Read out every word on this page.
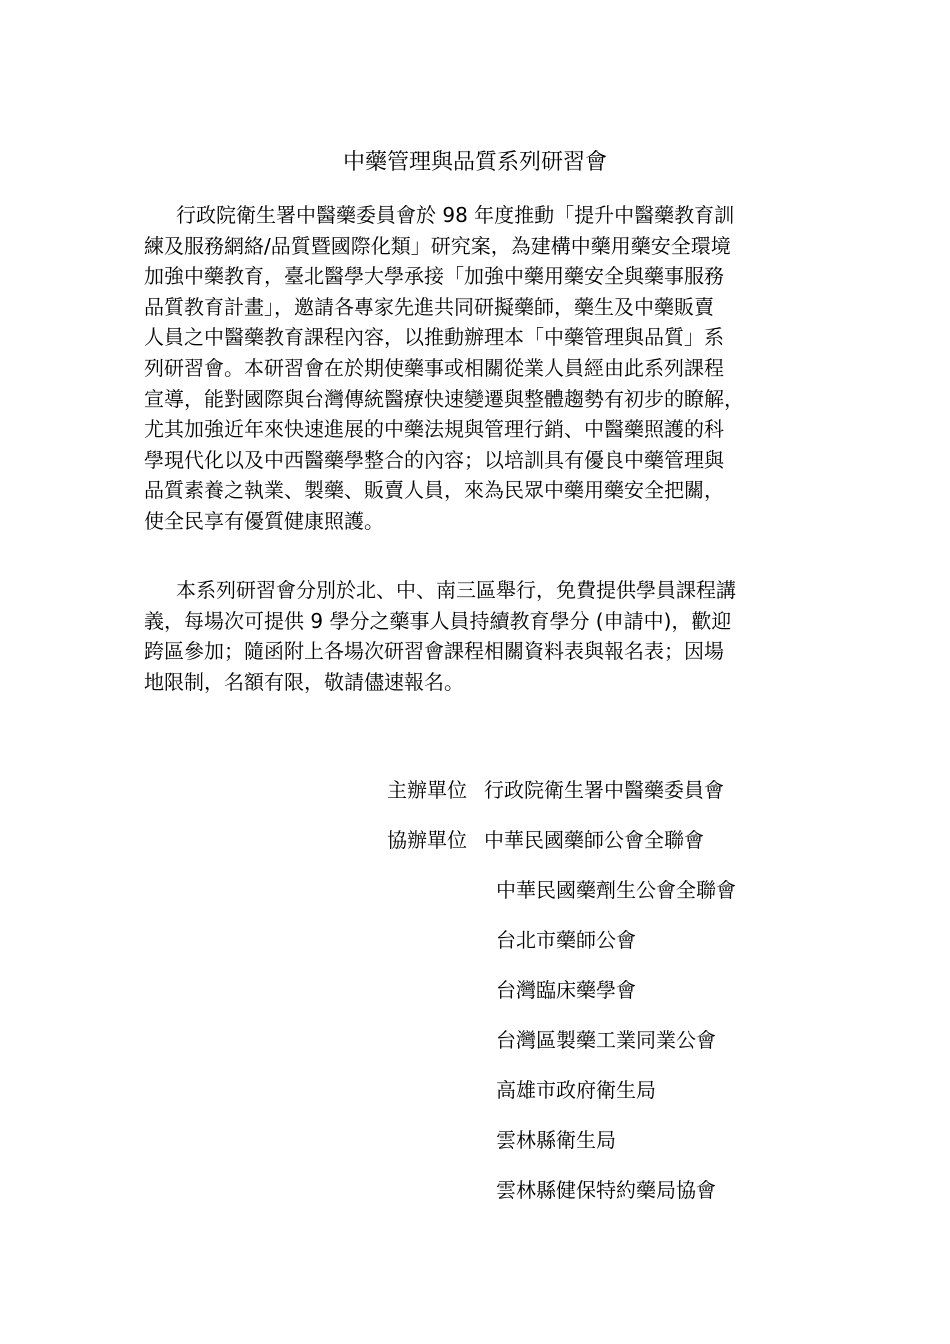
中藥管理與品質系列研習會

行政院衛生署中醫藥委員會於 98 年度推動「提升中醫藥教育訓
練及服務網絡/品質暨國際化類」研究案，為建構中藥用藥安全環境
加強中藥教育，臺北醫學大學承接「加強中藥用藥安全與藥事服務
品質教育計畫」，邀請各專家先進共同研擬藥師，藥生及中藥販賣
人員之中醫藥教育課程內容，以推動辦理本「中藥管理與品質」系
列研習會。本研習會在於期使藥事或相關從業人員經由此系列課程
宣導，能對國際與台灣傳統醫療快速變遷與整體趨勢有初步的瞭解，
尤其加強近年來快速進展的中藥法規與管理行銷、中醫藥照護的科
學現代化以及中西醫藥學整合的內容；以培訓具有優良中藥管理與
品質素養之執業、製藥、販賣人員，來為民眾中藥用藥安全把關，
使全民享有優質健康照護。

本系列研習會分別於北、中、南三區舉行，免費提供學員課程講
義，每場次可提供 9 學分之藥事人員持續教育學分 (申請中)，歡迎
跨區參加；隨函附上各場次研習會課程相關資料表與報名表；因場
地限制，名額有限，敬請儘速報名。

主辦單位 行政院衛生署中醫藥委員會
協辦單位 中華民國藥師公會全聯會
中華民國藥劑生公會全聯會
台北市藥師公會
台灣臨床藥學會
台灣區製藥工業同業公會
高雄市政府衛生局
雲林縣衛生局
雲林縣健保特約藥局協會
